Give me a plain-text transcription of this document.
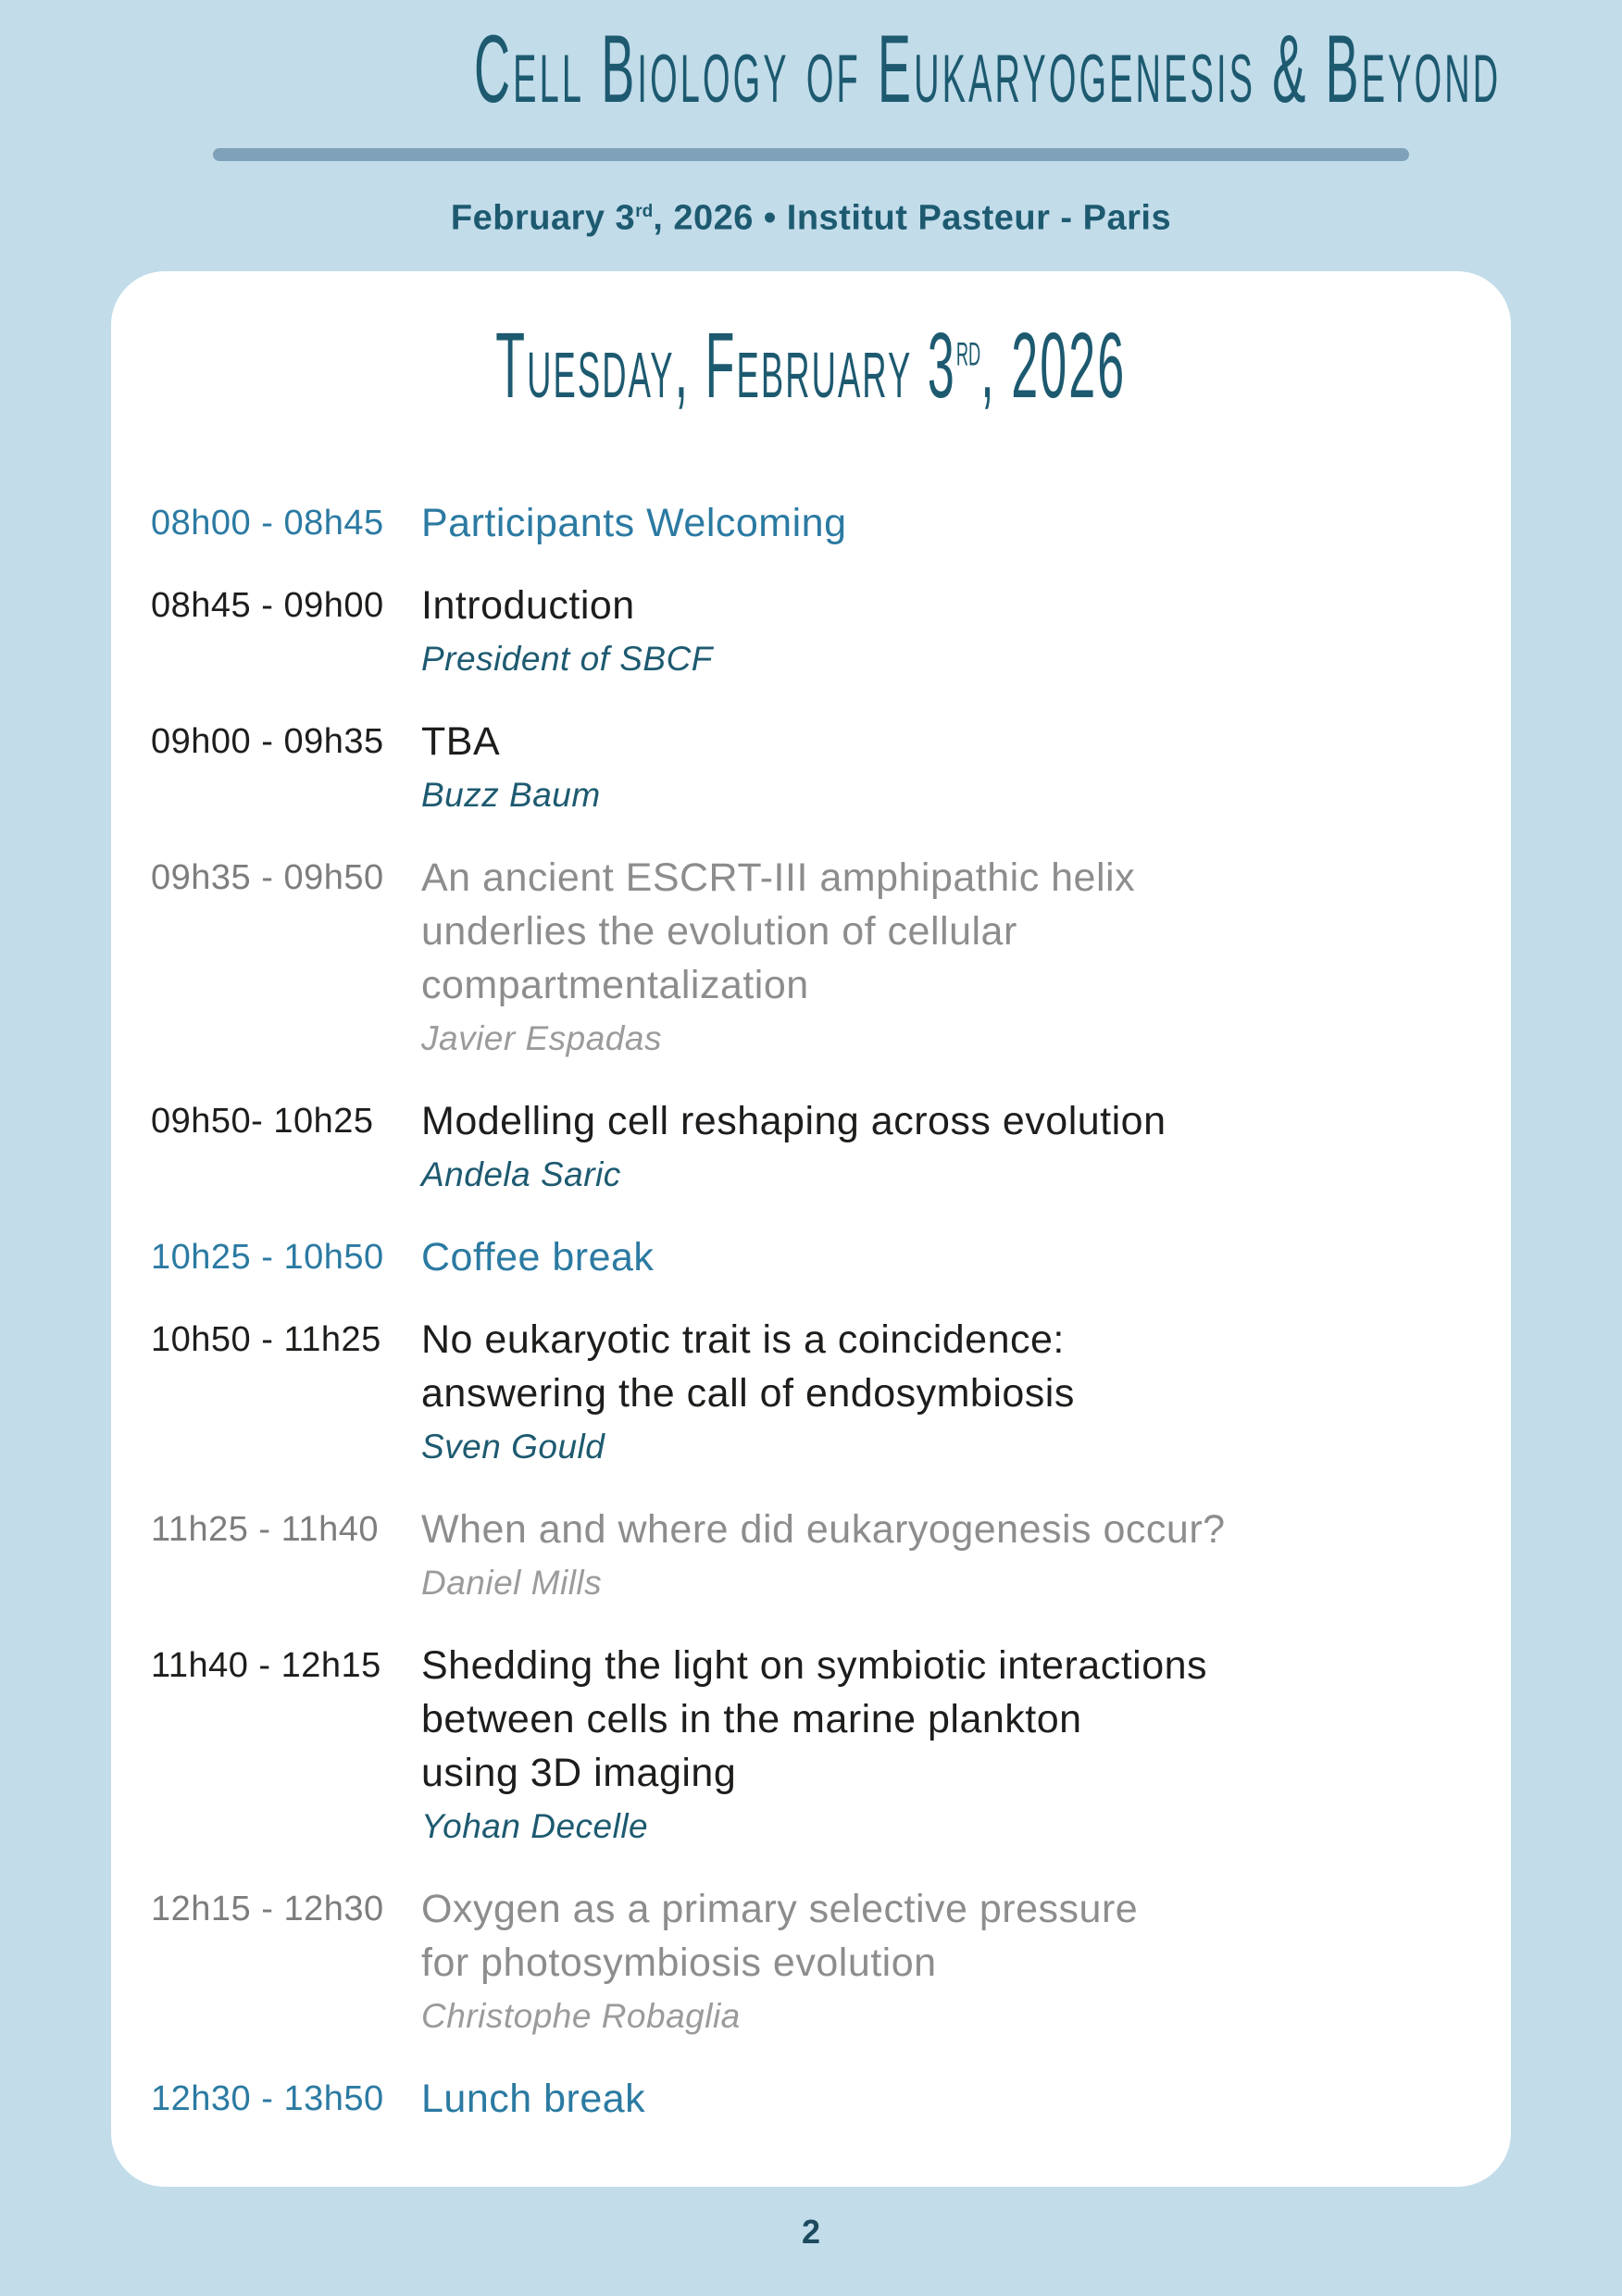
Cell Biology of Eukaryogenesis & Beyond
February 3rd, 2026 • Institut Pasteur - Paris
Tuesday, February 3rd, 2026
08h00 - 08h45 Participants Welcoming
08h45 - 09h00 Introduction
President of SBCF
09h00 - 09h35 TBA
Buzz Baum
09h35 - 09h50 An ancient ESCRT-III amphipathic helix
underlies the evolution of cellular
compartmentalization
Javier Espadas
09h50- 10h25	Modelling cell reshaping across evolution
Andela Saric
10h25 - 10h50 Coffee break
10h50 - 11h25	No eukaryotic trait is a coincidence:
answering the call of endosymbiosis
Sven Gould
11h25 - 11h40	When and where did eukaryogenesis occur?
Daniel Mills
11h40 - 12h15	Shedding the light on symbiotic interactions
between cells in the marine plankton
using 3D imaging
Yohan Decelle
12h15 - 12h30 Oxygen as a primary selective pressure
for photosymbiosis evolution
Christophe Robaglia
12h30 - 13h50 Lunch break
2
